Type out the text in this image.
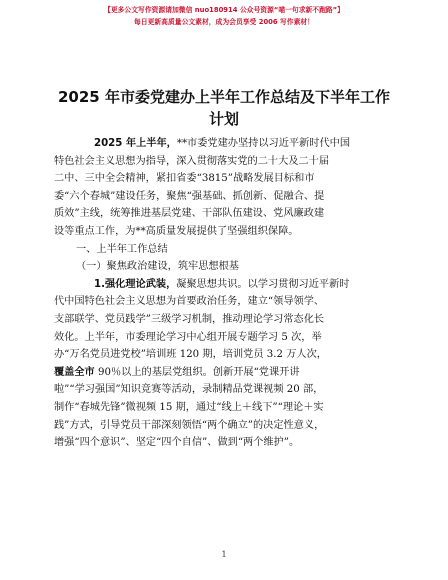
【更多公文写作资源请加微信 nuo180914 公众号资源“喵一句求新不跑路”】
每日更新高质量公文素材，成为会员享受 2006 写作素材！
2025 年市委党建办上半年工作总结及下半年工作计划
2025 年上半年，**市委党建办坚持以习近平新时代中国
特色社会主义思想为指导，深入贯彻落实党的二十大及二十届
二中、三中全会精神，紧扣省委“3815”战略发展目标和市
委“六个春城”建设任务，聚焦“强基础、抓创新、促融合、提
质效”主线，统筹推进基层党建、干部队伍建设、党风廉政建
设等重点工作，为**高质量发展提供了坚强组织保障。
一、上半年工作总结
（一）聚焦政治建设，筑牢思想根基
1.强化理论武装，凝聚思想共识。以学习贯彻习近平新时
代中国特色社会主义思想为首要政治任务，建立“领导领学、
支部联学、党员践学”三级学习机制，推动理论学习常态化长
效化。上半年，市委理论学习中心组开展专题学习 5 次，举
办“万名党员进党校”培训班 120 期，培训党员 3.2 万人次，
覆盖全市 90％以上的基层党组织。创新开展“党课开讲
啦”“学习强国”知识竞赛等活动，录制精品党课视频 20 部，
制作“春城先锋”微视频 15 期，通过“线上＋线下”“理论＋实
践”方式，引导党员干部深刻领悟“两个确立”的决定性意义，
增强“四个意识”、坚定“四个自信”、做到“两个维护”。
1
